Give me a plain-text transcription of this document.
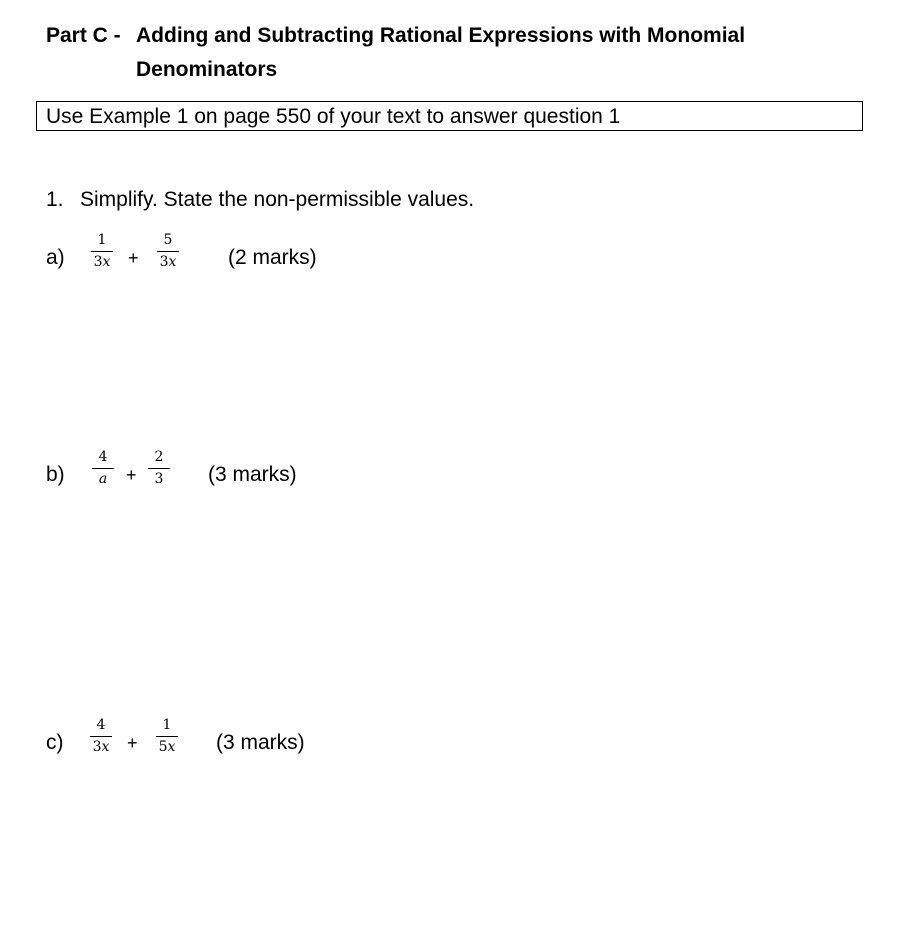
Part C - Adding and Subtracting Rational Expressions with Monomial
Denominators
Use Example 1 on page 550 of your text to answer question 1
1. Simplify. State the non-permissible values.
a)
1
3x +
5
3x	(2 marks)
b)
4
a	+
2
3	(3 marks)
c)
4
3x +
1
5x	(3 marks)
